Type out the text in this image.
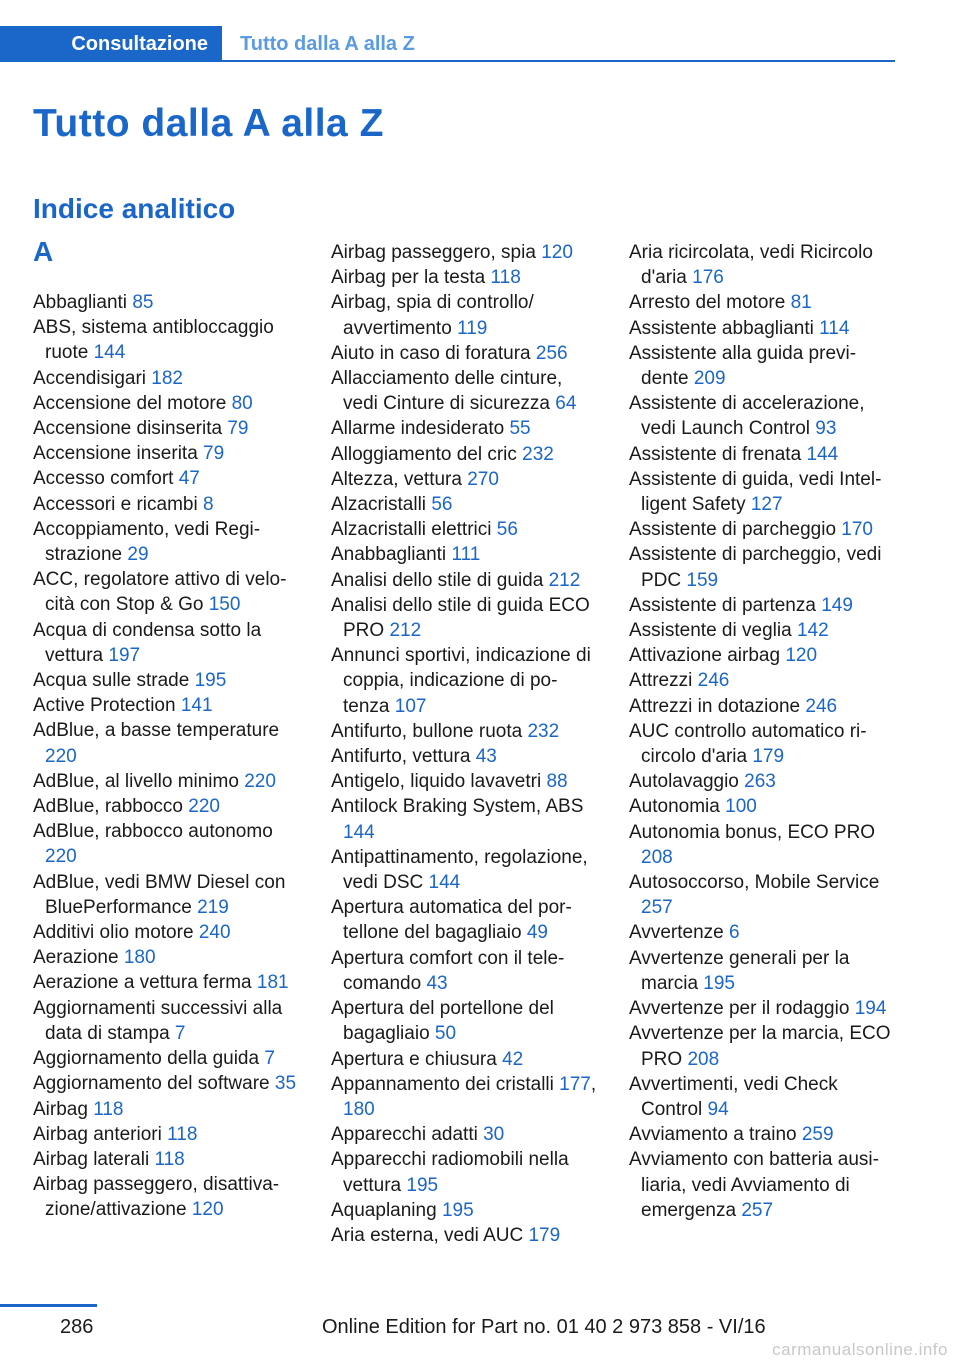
Consultazione	Tutto dalla A alla Z
Tutto dalla A alla Z
Indice analitico
A

Abbaglianti 85

ABS, sistema antibloccaggio ruote 144

Accendisigari 182

Accensione del motore 80

Accensione disinserita 79

Accensione inserita 79

Accesso comfort 47

Accessori e ricambi 8

Accoppiamento, vedi Registrazione 29

ACC, regolatore attivo di velocità con Stop & Go 150

Acqua di condensa sotto la vettura 197

Acqua sulle strade 195

Active Protection 141

AdBlue, a basse temperature 220

AdBlue, al livello minimo 220

AdBlue, rabbocco 220

AdBlue, rabbocco autonomo 220

AdBlue, vedi BMW Diesel con BluePerformance 219

Additivi olio motore 240

Aerazione 180

Aerazione a vettura ferma 181

Aggiornamenti successivi alla data di stampa 7

Aggiornamento della guida 7

Aggiornamento del software 35

Airbag 118

Airbag anteriori 118

Airbag laterali 118

Airbag passeggero, disattivazione/attivazione 120

Airbag passeggero, spia 120

Airbag per la testa 118

Airbag, spia di controllo/ avvertimento 119

Aiuto in caso di foratura 256

Allacciamento delle cinture, vedi Cinture di sicurezza 64

Allarme indesiderato 55

Alloggiamento del cric 232

Altezza, vettura 270

Alzacristalli 56

Alzacristalli elettrici 56

Anabbaglianti 111

Analisi dello stile di guida 212

Analisi dello stile di guida ECO PRO 212

Annunci sportivi, indicazione di coppia, indicazione di potenza 107

Antifurto, bullone ruota 232

Antifurto, vettura 43

Antigelo, liquido lavavetri 88

Antilock Braking System, ABS 144

Antipattinamento, regolazione, vedi DSC 144

Apertura automatica del portellone del bagagliaio 49

Apertura comfort con il telecomando 43

Apertura del portellone del bagagliaio 50

Apertura e chiusura 42

Appannamento dei cristalli 177, 180

Apparecchi adatti 30

Apparecchi radiomobili nella vettura 195

Aquaplaning 195

Aria esterna, vedi AUC 179

Aria ricircolata, vedi Ricircolo d'aria 176

Arresto del motore 81

Assistente abbaglianti 114

Assistente alla guida previdente 209

Assistente di accelerazione, vedi Launch Control 93

Assistente di frenata 144

Assistente di guida, vedi Intelligent Safety 127

Assistente di parcheggio 170

Assistente di parcheggio, vedi PDC 159

Assistente di partenza 149

Assistente di veglia 142

Attivazione airbag 120

Attrezzi 246

Attrezzi in dotazione 246

AUC controllo automatico ricircolo d'aria 179

Autolavaggio 263

Autonomia 100

Autonomia bonus, ECO PRO 208

Autosoccorso, Mobile Service 257

Avvertenze 6

Avvertenze generali per la marcia 195

Avvertenze per il rodaggio 194

Avvertenze per la marcia, ECO PRO 208

Avvertimenti, vedi Check Control 94

Avviamento a traino 259

Avviamento con batteria ausiliaria, vedi Avviamento di emergenza 257

286	Online Edition for Part no. 01 40 2 973 858 - VI/16
carmanualsonline.info
